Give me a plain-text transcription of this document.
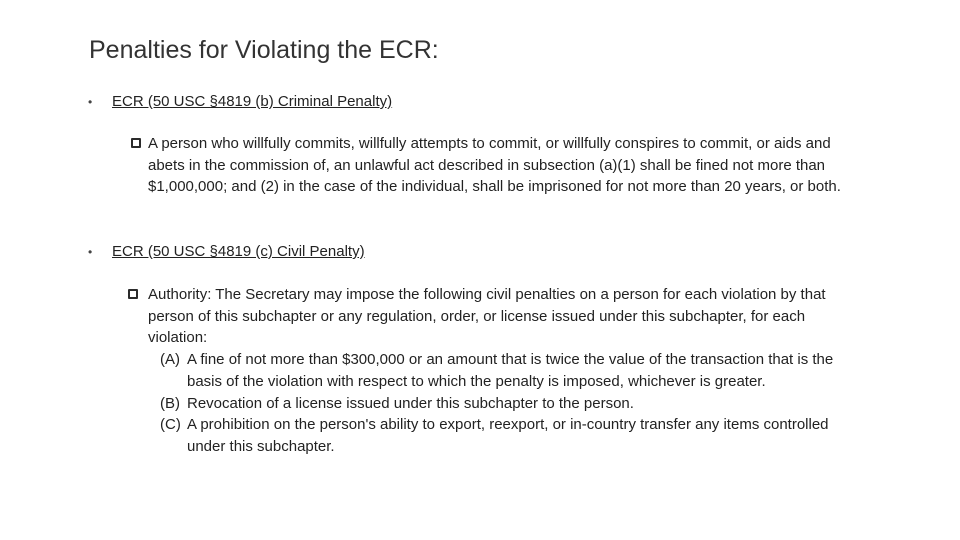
Penalties for Violating the ECR:
• ECR (50 USC §4819 (b) Criminal Penalty)
A person who willfully commits, willfully attempts to commit, or willfully conspires to commit, or aids and abets in the commission of, an unlawful act described in subsection (a)(1) shall be fined not more than $1,000,000; and (2) in the case of the individual, shall be imprisoned for not more than 20 years, or both.
• ECR (50 USC §4819 (c) Civil Penalty)
Authority: The Secretary may impose the following civil penalties on a person for each violation by that person of this subchapter or any regulation, order, or license issued under this subchapter, for each violation:
(A) A fine of not more than $300,000 or an amount that is twice the value of the transaction that is the basis of the violation with respect to which the penalty is imposed, whichever is greater.
(B) Revocation of a license issued under this subchapter to the person.
(C) A prohibition on the person's ability to export, reexport, or in-country transfer any items controlled under this subchapter.
